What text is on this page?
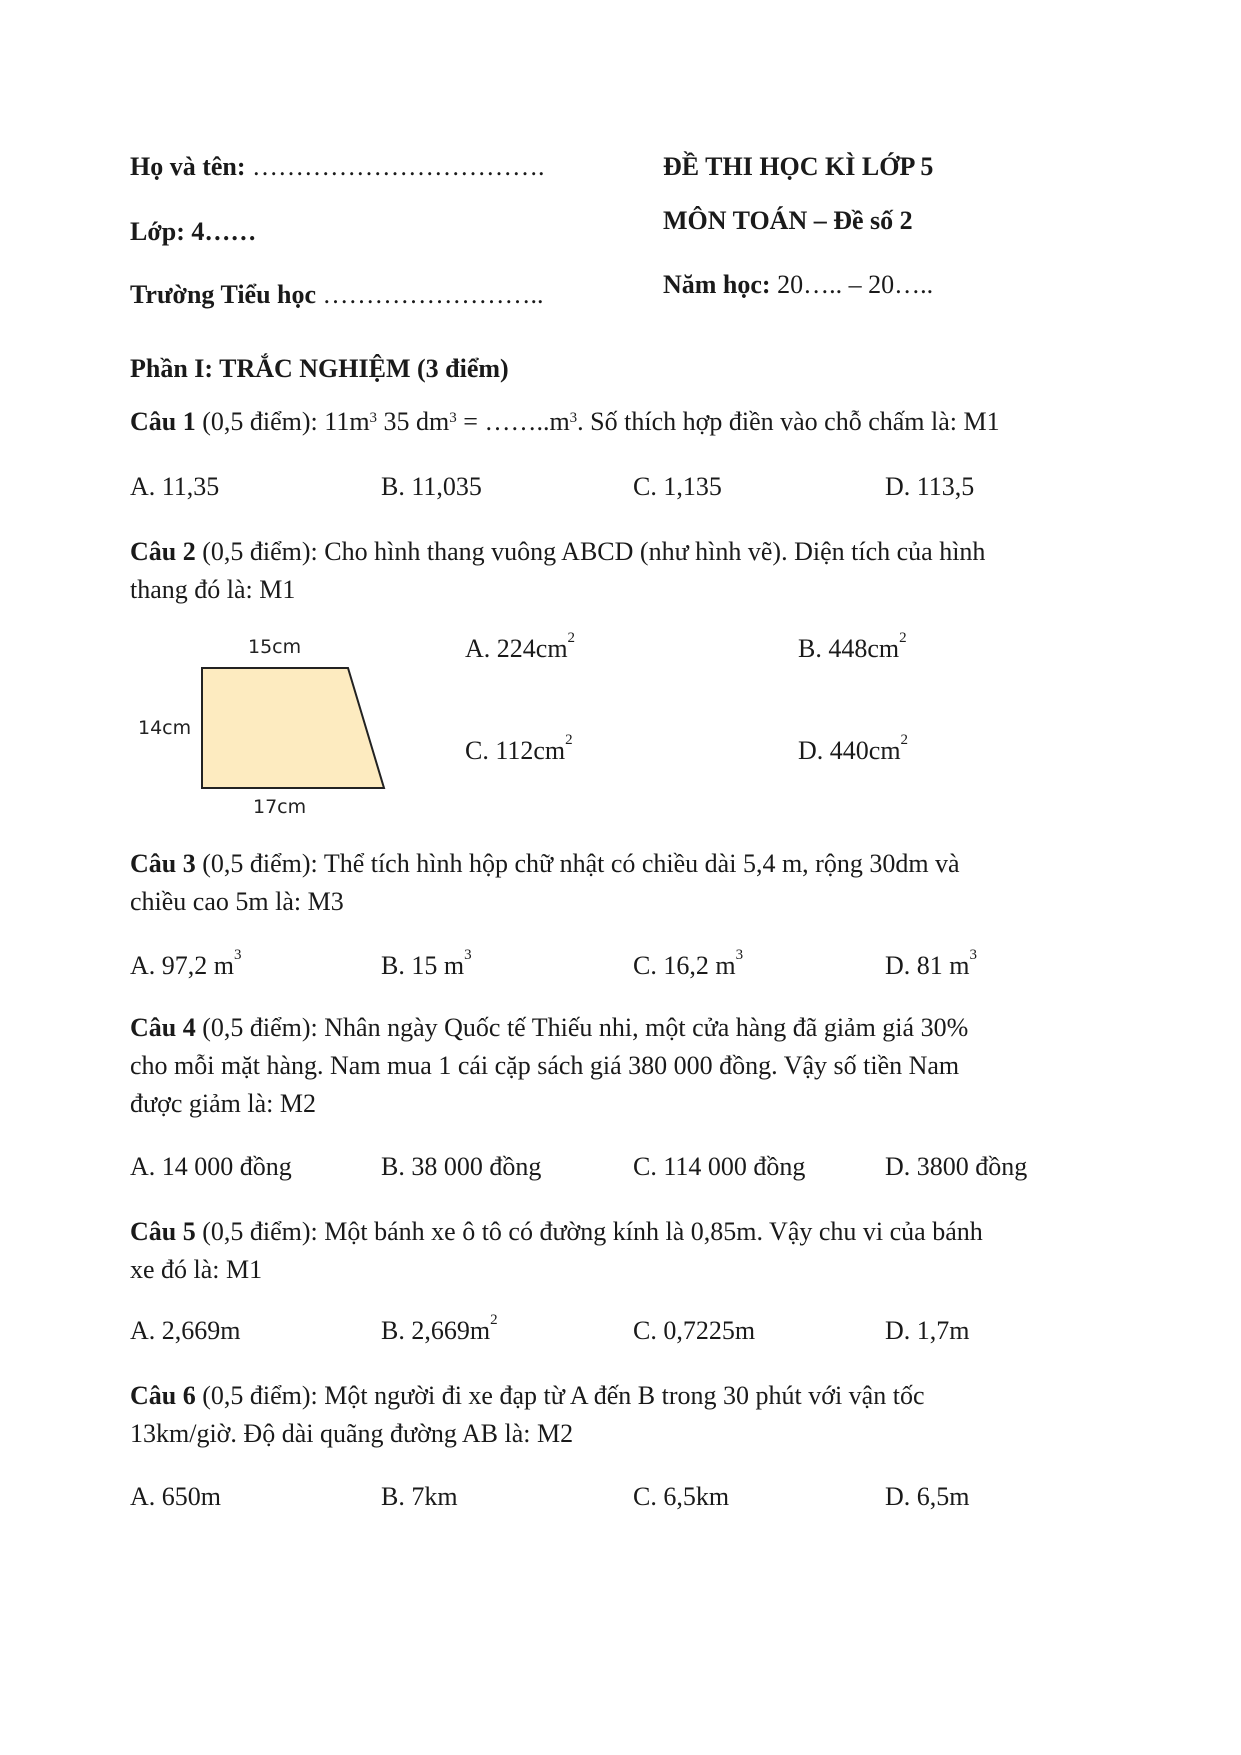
Họ và tên: …………………………….
Lớp: 4……
Trường Tiểu học ……………………..
ĐỀ THI HỌC KÌ LỚP 5
MÔN TOÁN – Đề số 2
Năm học: 20….. – 20…..
Phần I: TRẮC NGHIỆM (3 điểm)
Câu 1 (0,5 điểm): $11m^3$ 35 $dm^3$ = $\dots\dots..m^3$. Số thích hợp điền vào chỗ chấm là: M1
A. 11,35	B. 11,035	C. 1,135	D. 113,5
Câu 2 (0,5 điểm): Cho hình thang vuông ABCD (như hình vẽ). Diện tích của hình
thang đó là: M1
15cm
14cm
17cm
A. $224cm^2$	B. $448cm^2$
C. $112cm^2$	D. $440cm^2$
Câu 3 (0,5 điểm): Thể tích hình hộp chữ nhật có chiều dài 5,4 m, rộng 30dm và
chiều cao 5m là: M3
A. 97,2 $m^3$	B. 15 $m^3$	C. 16,2 $m^3$	D. 81 $m^3$
Câu 4 (0,5 điểm): Nhân ngày Quốc tế Thiếu nhi, một cửa hàng đã giảm giá 30%
cho mỗi mặt hàng. Nam mua 1 cái cặp sách giá 380 000 đồng. Vậy số tiền Nam
được giảm là: M2
A. 14 000 đồng	B. 38 000 đồng	C. 114 000 đồng	D. 3800 đồng
Câu 5 (0,5 điểm): Một bánh xe ô tô có đường kính là 0,85m. Vậy chu vi của bánh
xe đó là: M1
A. 2,669m	B. $2,669m^2$	C. 0,7225m	D. 1,7m
Câu 6 (0,5 điểm): Một người đi xe đạp từ A đến B trong 30 phút với vận tốc
13km/giờ. Độ dài quãng đường AB là: M2
A. 650m	B. 7km	C. 6,5km	D. 6,5m
